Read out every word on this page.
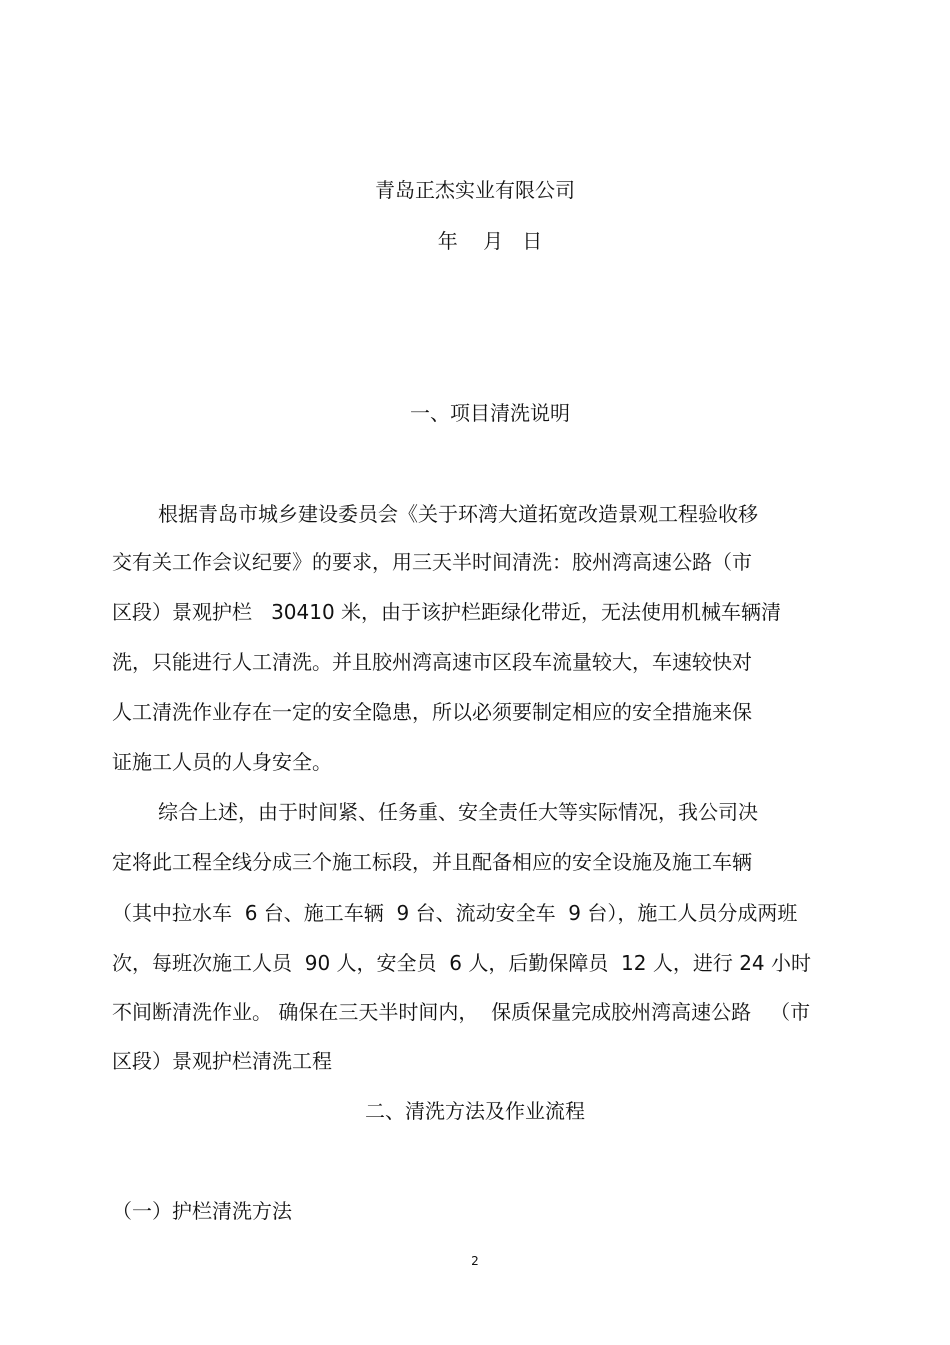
青岛正杰实业有限公司
年    月   日
一、项目清洗说明
根据青岛市城乡建设委员会《关于环湾大道拓宽改造景观工程验收移
交有关工作会议纪要》的要求，用三天半时间清洗：胶州湾高速公路（市
区段）景观护栏   30410 米，由于该护栏距绿化带近，无法使用机械车辆清
洗，只能进行人工清洗。并且胶州湾高速市区段车流量较大，车速较快对
人工清洗作业存在一定的安全隐患，所以必须要制定相应的安全措施来保
证施工人员的人身安全。
综合上述，由于时间紧、任务重、安全责任大等实际情况，我公司决
定将此工程全线分成三个施工标段，并且配备相应的安全设施及施工车辆
（其中拉水车  6 台、施工车辆  9 台、流动安全车  9 台），施工人员分成两班
次，每班次施工人员  90 人，安全员  6 人，后勤保障员  12 人，进行 24 小时
不间断清洗作业。 确保在三天半时间内，  保质保量完成胶州湾高速公路   （市
区段）景观护栏清洗工程
二、清洗方法及作业流程
（一）护栏清洗方法
2
